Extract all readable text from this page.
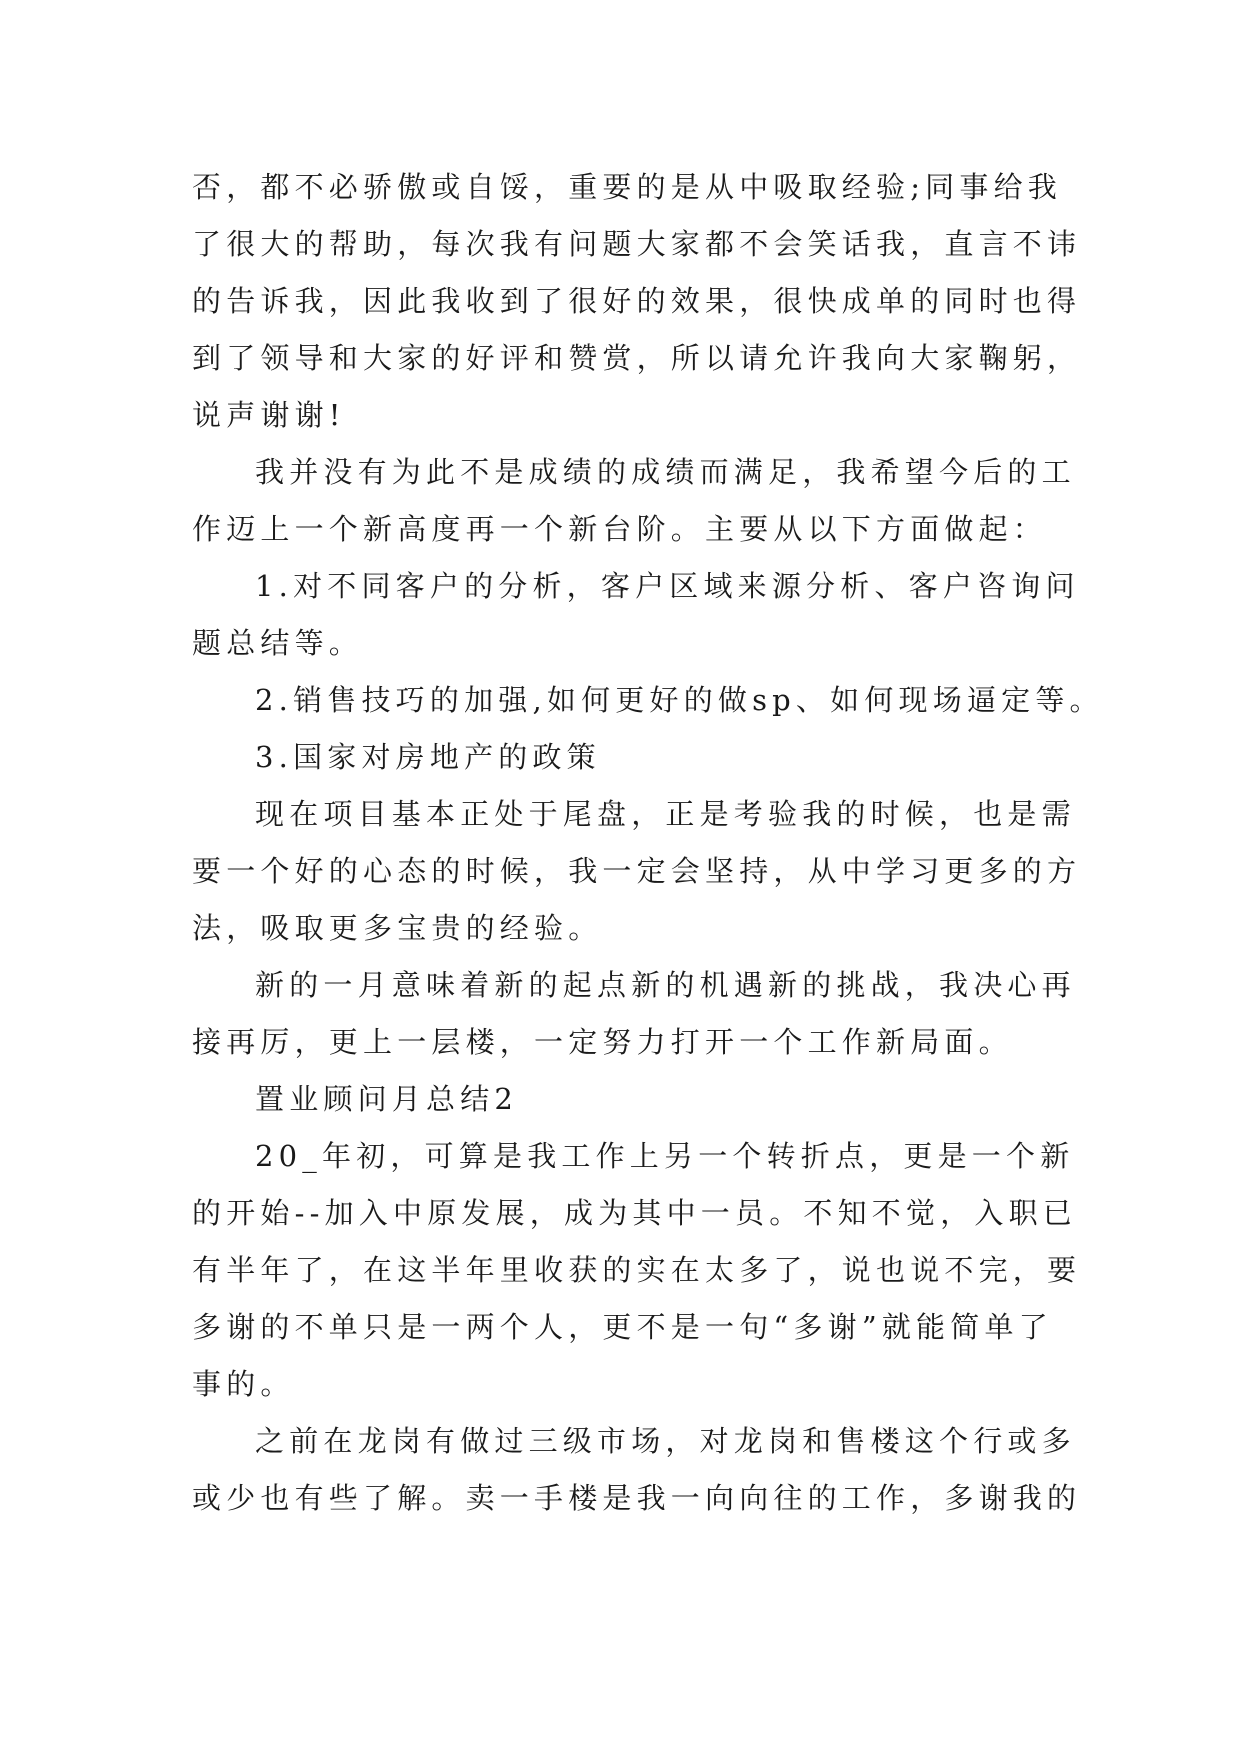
否，都不必骄傲或自馁，重要的是从中吸取经验;同事给我
了很大的帮助，每次我有问题大家都不会笑话我，直言不讳
的告诉我，因此我收到了很好的效果，很快成单的同时也得
到了领导和大家的好评和赞赏，所以请允许我向大家鞠躬，
说声谢谢!
我并没有为此不是成绩的成绩而满足，我希望今后的工
作迈上一个新高度再一个新台阶。主要从以下方面做起：
1.对不同客户的分析，客户区域来源分析、客户咨询问
题总结等。
2.销售技巧的加强,如何更好的做sp、如何现场逼定等。
3.国家对房地产的政策
现在项目基本正处于尾盘，正是考验我的时候，也是需
要一个好的心态的时候，我一定会坚持，从中学习更多的方
法，吸取更多宝贵的经验。
新的一月意味着新的起点新的机遇新的挑战，我决心再
接再厉，更上一层楼，一定努力打开一个工作新局面。
置业顾问月总结2
20_年初，可算是我工作上另一个转折点，更是一个新
的开始--加入中原发展，成为其中一员。不知不觉，入职已
有半年了，在这半年里收获的实在太多了，说也说不完，要
多谢的不单只是一两个人，更不是一句“多谢”就能简单了
事的。
之前在龙岗有做过三级市场，对龙岗和售楼这个行或多
或少也有些了解。卖一手楼是我一向向往的工作，多谢我的
